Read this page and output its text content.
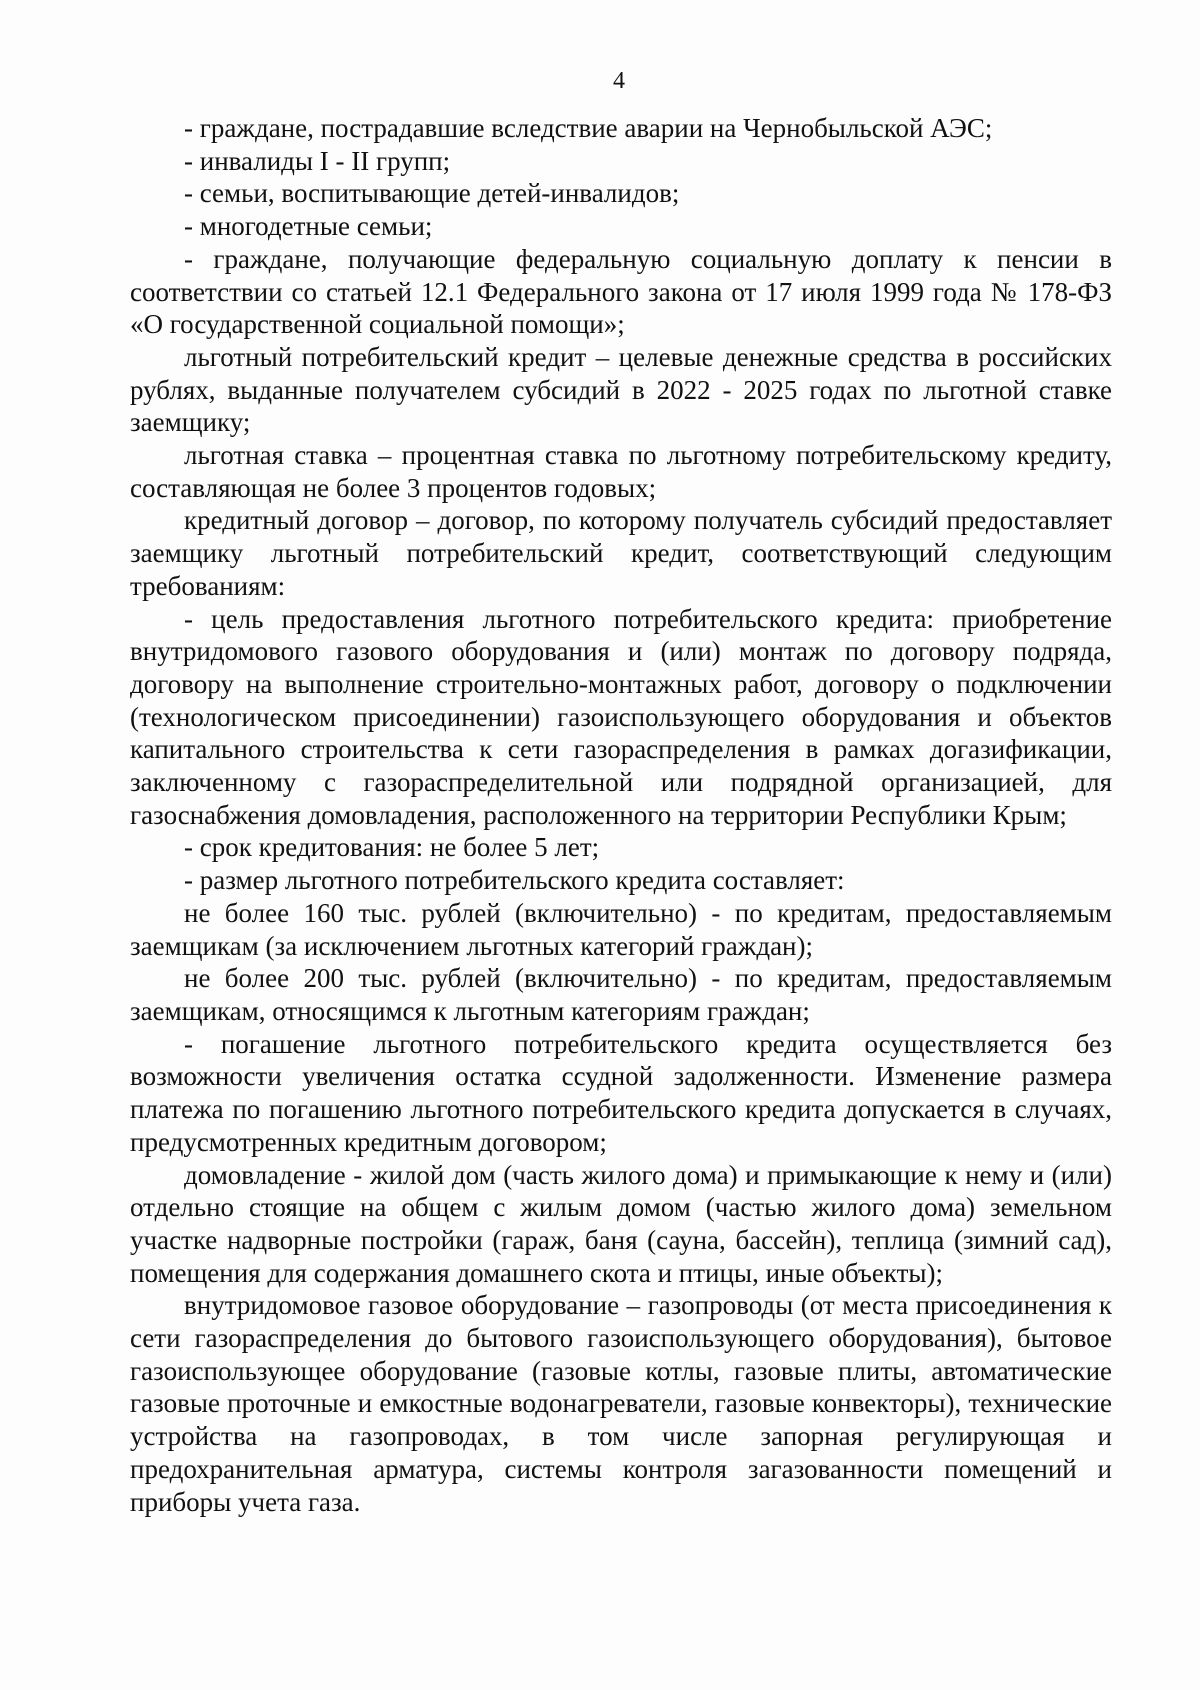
4

- граждане, пострадавшие вследствие аварии на Чернобыльской АЭС;

- инвалиды I - II групп;

- семьи, воспитывающие детей-инвалидов;

- многодетные семьи;

- граждане, получающие федеральную социальную доплату к пенсии в соответствии со статьей 12.1 Федерального закона от 17 июля 1999 года № 178-ФЗ «О государственной социальной помощи»;

льготный потребительский кредит – целевые денежные средства в российских рублях, выданные получателем субсидий в 2022 - 2025 годах по льготной ставке заемщику;

льготная ставка – процентная ставка по льготному потребительскому кредиту, составляющая не более 3 процентов годовых;

кредитный договор – договор, по которому получатель субсидий предоставляет заемщику льготный потребительский кредит, соответствующий следующим требованиям:

- цель предоставления льготного потребительского кредита: приобретение внутридомового газового оборудования и (или) монтаж по договору подряда, договору на выполнение строительно-монтажных работ, договору о подключении (технологическом присоединении) газоиспользующего оборудования и объектов капитального строительства к сети газораспределения в рамках догазификации, заключенному с газораспределительной или подрядной организацией, для газоснабжения домовладения, расположенного на территории Республики Крым;

- срок кредитования: не более 5 лет;

- размер льготного потребительского кредита составляет:

не более 160 тыс. рублей (включительно) - по кредитам, предоставляемым заемщикам (за исключением льготных категорий граждан);

не более 200 тыс. рублей (включительно) - по кредитам, предоставляемым заемщикам, относящимся к льготным категориям граждан;

- погашение льготного потребительского кредита осуществляется без возможности увеличения остатка ссудной задолженности. Изменение размера платежа по погашению льготного потребительского кредита допускается в случаях, предусмотренных кредитным договором;

домовладение - жилой дом (часть жилого дома) и примыкающие к нему и (или) отдельно стоящие на общем с жилым домом (частью жилого дома) земельном участке надворные постройки (гараж, баня (сауна, бассейн), теплица (зимний сад), помещения для содержания домашнего скота и птицы, иные объекты);

внутридомовое газовое оборудование – газопроводы (от места присоединения к сети газораспределения до бытового газоиспользующего оборудования), бытовое газоиспользующее оборудование (газовые котлы, газовые плиты, автоматические газовые проточные и емкостные водонагреватели, газовые конвекторы), технические устройства на газопроводах, в том числе запорная регулирующая и предохранительная арматура, системы контроля загазованности помещений и приборы учета газа.
